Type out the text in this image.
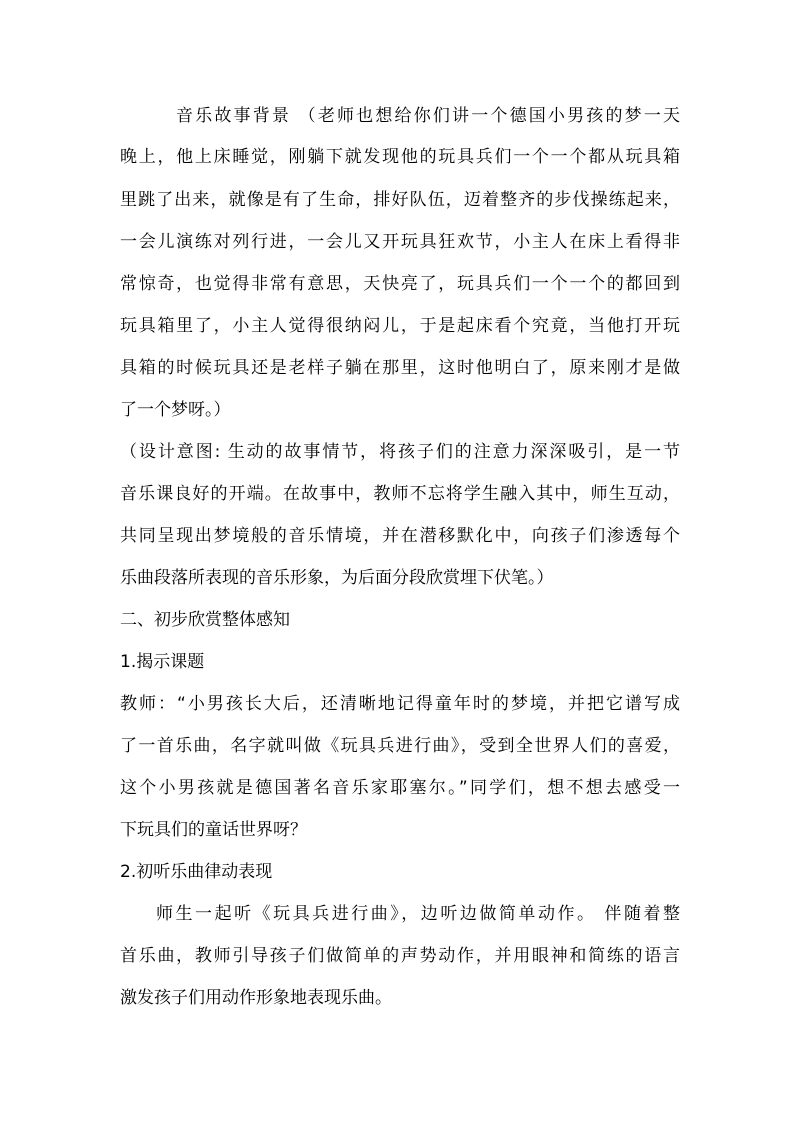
音乐故事背景 （老师也想给你们讲一个德国小男孩的梦一天
晚上，他上床睡觉，刚躺下就发现他的玩具兵们一个一个都从玩具箱
里跳了出来，就像是有了生命，排好队伍，迈着整齐的步伐操练起来，
一会儿演练对列行进，一会儿又开玩具狂欢节，小主人在床上看得非
常惊奇，也觉得非常有意思，天快亮了，玩具兵们一个一个的都回到
玩具箱里了，小主人觉得很纳闷儿，于是起床看个究竟，当他打开玩
具箱的时候玩具还是老样子躺在那里，这时他明白了，原来刚才是做
了一个梦呀。）
（设计意图: 生动的故事情节，将孩子们的注意力深深吸引，是一节
音乐课良好的开端。在故事中，教师不忘将学生融入其中，师生互动，
共同呈现出梦境般的音乐情境，并在潜移默化中，向孩子们渗透每个
乐曲段落所表现的音乐形象，为后面分段欣赏埋下伏笔。）
二、初步欣赏整体感知
1.揭示课题
教师：“小男孩长大后，还清晰地记得童年时的梦境，并把它谱写成
了一首乐曲，名字就叫做《玩具兵进行曲》，受到全世界人们的喜爱，
这个小男孩就是德国著名音乐家耶塞尔。”同学们，想不想去感受一
下玩具们的童话世界呀？
2.初听乐曲律动表现
师生一起听《玩具兵进行曲》，边听边做简单动作。 伴随着整
首乐曲，教师引导孩子们做简单的声势动作，并用眼神和简练的语言
激发孩子们用动作形象地表现乐曲。
